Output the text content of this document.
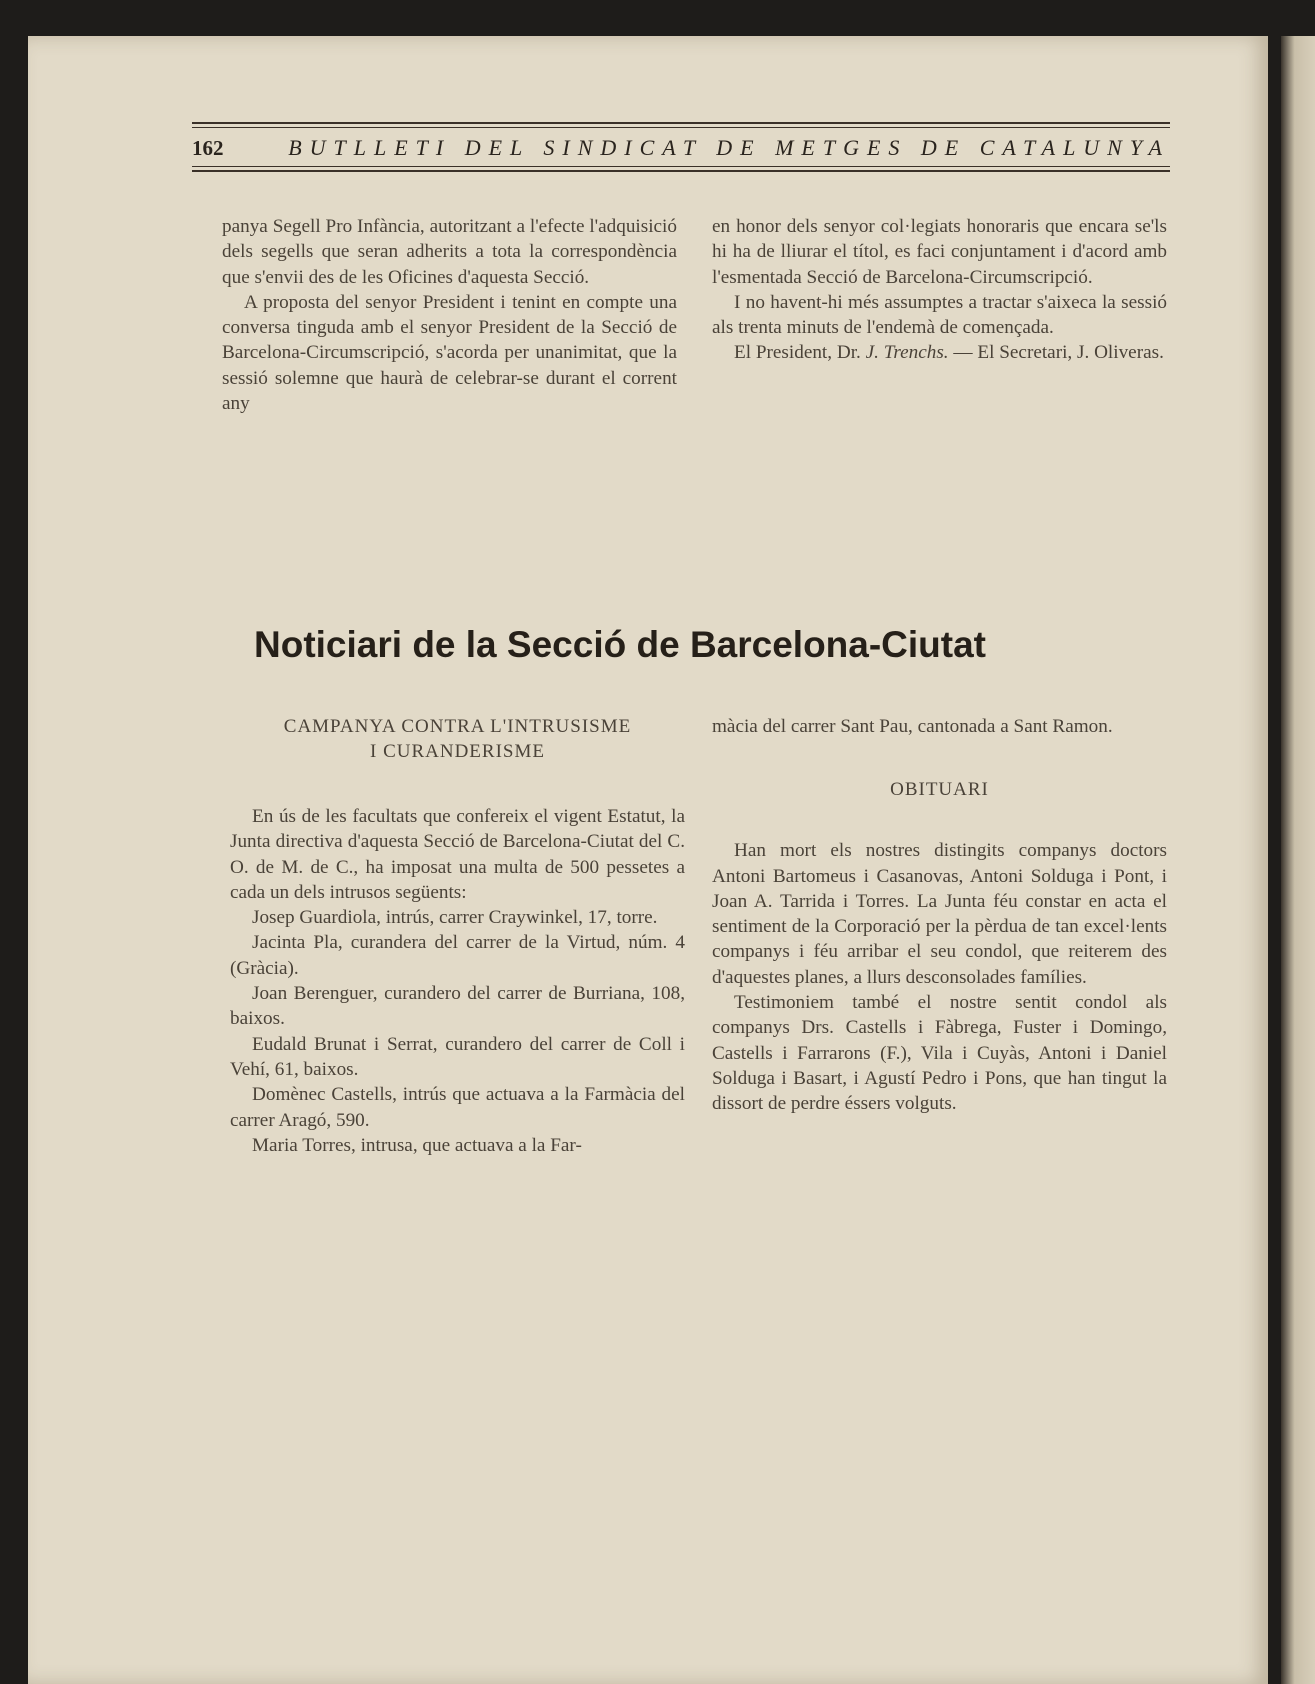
162	BUTLLETI DEL SINDICAT DE METGES DE CATALUNYA

panya Segell Pro Infància, autoritzant a l'efecte l'adquisició dels segells que seran adherits a tota la correspondència que s'envii des de les Oficines d'aquesta Secció.

A proposta del senyor President i tenint en compte una conversa tinguda amb el senyor President de la Secció de Barcelona-Circumscripció, s'acorda per unanimitat, que la sessió solemne que haurà de celebrar-se durant el corrent any

en honor dels senyor col·legiats honoraris que encara se'ls hi ha de lliurar el títol, es faci conjuntament i d'acord amb l'esmentada Secció de Barcelona-Circumscripció.

I no havent-hi més assumptes a tractar s'aixeca la sessió als trenta minuts de l'endemà de començada.

El President, Dr. J. Trenchs. — El Secretari, J. Oliveras.

Noticiari de la Secció de Barcelona-Ciutat

CAMPANYA CONTRA L'INTRUSISME

I CURANDERISME

En ús de les facultats que confereix el vigent Estatut, la Junta directiva d'aquesta Secció de Barcelona-Ciutat del C. O. de M. de C., ha imposat una multa de 500 pessetes a cada un dels intrusos següents:

Josep Guardiola, intrús, carrer Craywinkel, 17, torre.

Jacinta Pla, curandera del carrer de la Virtud, núm. 4 (Gràcia).

Joan Berenguer, curandero del carrer de Burriana, 108, baixos.

Eudald Brunat i Serrat, curandero del carrer de Coll i Vehí, 61, baixos.

Domènec Castells, intrús que actuava a la Farmàcia del carrer Aragó, 590.

Maria Torres, intrusa, que actuava a la Far-

màcia del carrer Sant Pau, cantonada a Sant Ramon.

OBITUARI

Han mort els nostres distingits companys doctors Antoni Bartomeus i Casanovas, Antoni Solduga i Pont, i Joan A. Tarrida i Torres. La Junta féu constar en acta el sentiment de la Corporació per la pèrdua de tan excel·lents companys i féu arribar el seu condol, que reiterem des d'aquestes planes, a llurs desconsolades famílies.

Testimoniem també el nostre sentit condol als companys Drs. Castells i Fàbrega, Fuster i Domingo, Castells i Farrarons (F.), Vila i Cuyàs, Antoni i Daniel Solduga i Basart, i Agustí Pedro i Pons, que han tingut la dissort de perdre éssers volguts.
